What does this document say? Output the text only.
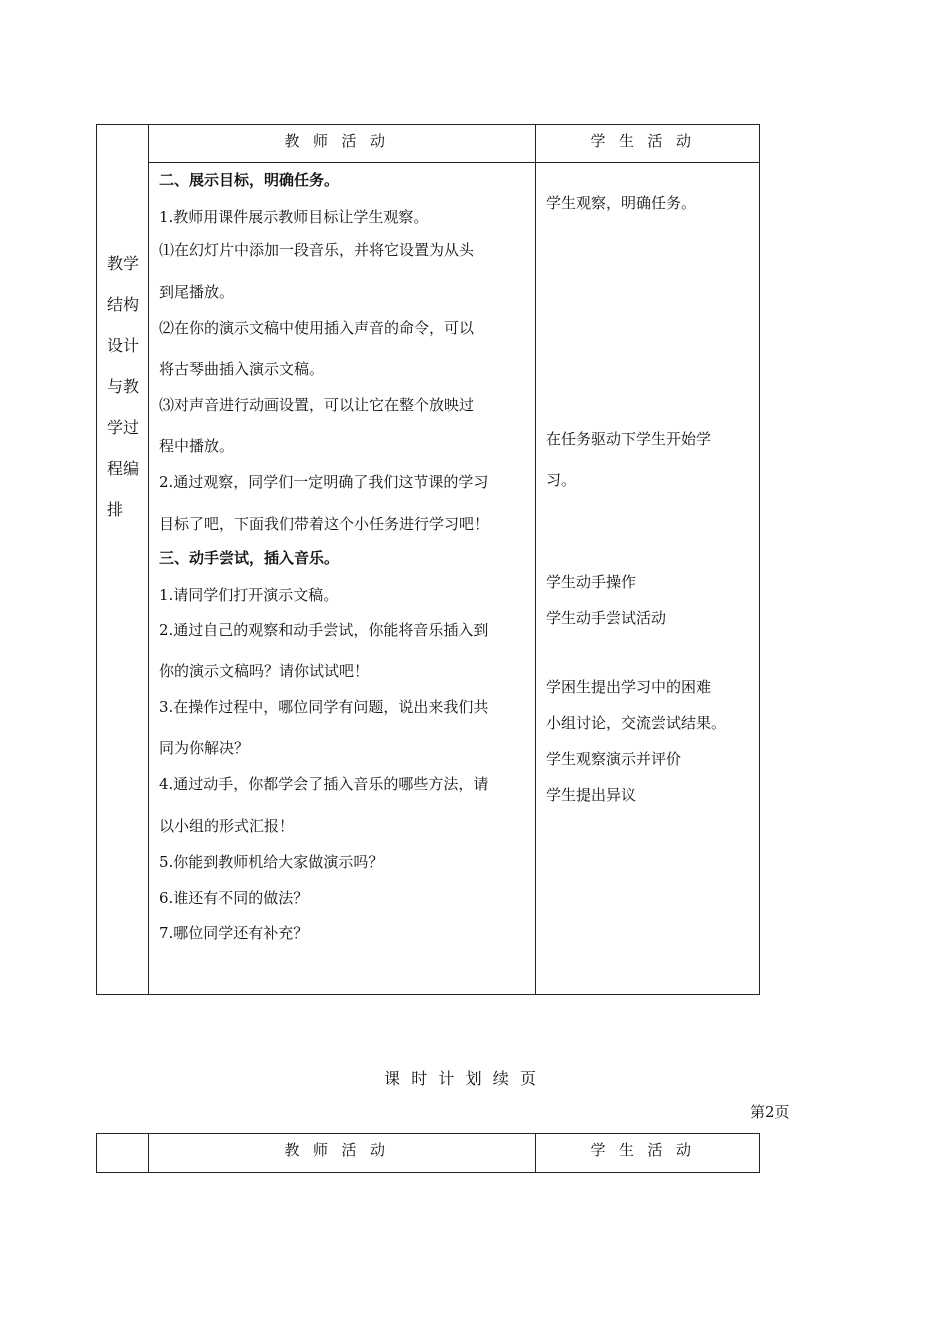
教师活动	学生活动
教学
结构
设计
与教
学过
程编
排
二、展示目标，明确任务。
1.教师用课件展示教师目标让学生观察。
⑴在幻灯片中添加一段音乐，并将它设置为从头
到尾播放。
⑵在你的演示文稿中使用插入声音的命令，可以
将古琴曲插入演示文稿。
⑶对声音进行动画设置，可以让它在整个放映过
程中播放。
2.通过观察，同学们一定明确了我们这节课的学习
目标了吧，下面我们带着这个小任务进行学习吧！
三、动手尝试，插入音乐。
1.请同学们打开演示文稿。
2.通过自己的观察和动手尝试，你能将音乐插入到
你的演示文稿吗？请你试试吧！
3.在操作过程中，哪位同学有问题，说出来我们共
同为你解决？
4.通过动手，你都学会了插入音乐的哪些方法，请
以小组的形式汇报！
5.你能到教师机给大家做演示吗？
6.谁还有不同的做法？
7.哪位同学还有补充？
学生观察，明确任务。
在任务驱动下学生开始学
习。
学生动手操作
学生动手尝试活动
学困生提出学习中的困难
小组讨论，交流尝试结果。
学生观察演示并评价
学生提出异议
课时计划续页
第2页
教师活动	学生活动
